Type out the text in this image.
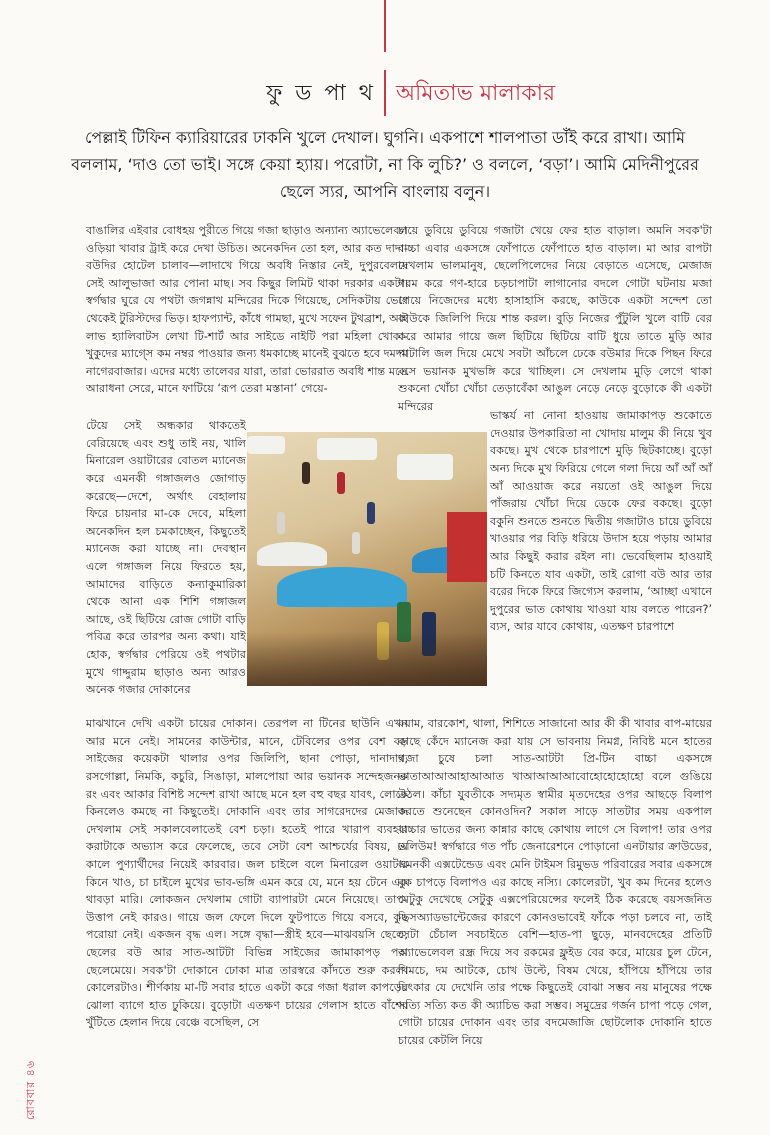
ফু ড পা থ অমিতাভ মালাকার
পেল্লাই টিফিন ক্যারিয়ারের ঢাকনি খুলে দেখাল। ঘুগনি। একপাশে শালপাতা ডাঁই করে রাখা। আমি বললাম, ‘দাও তো ভাই। সঙ্গে কেয়া হ্যায়। পরোটা, না কি লুচি?’ ও বললে, ‘বড়া’। আমি মেদিনীপুরের ছেলে স্যর, আপনি বাংলায় বলুন।

বাঙালির এইবার বোধহয় পুরীতে গিয়ে গজা ছাড়াও অন্যান্য অ্যাভেলেবল ওড়িয়া খাবার ট্রাই করে দেখা উচিত। অনেকদিন তো হল, আর কত দাদা-বউদির হোটেল চালাব—লাদাখে গিয়ে অবধি নিস্তার নেই, দুপুরবেলায় সেই আলুভাজা আর পোনা মাছ। সব কিছুর লিমিট থাকা দরকার একটা। স্বর্গদ্বার ঘুরে যে পথটা জগন্নাথ মন্দিরের দিকে গিয়েছে, সেদিকটায় ভোর থেকেই টুরিস্টদের ভিড়। হাফপ্যান্ট, কাঁধে গামছা, মুখে সফেন টুথব্রাশ, আই লাভ হ্যালিবাটস লেখা টি-শার্ট আর সাইডে নাইটি পরা মহিলা খোকা-খুকুদের ম্যাগ্সে কম নম্বর পাওয়ার জন্য ধমকাচ্ছে মানেই বুঝতে হবে দমদম নাগেরবাজার। এদের মধ্যে তালেবর যারা, তারা ভোররাত অবধি শান্ত মতে আরাধনা সেরে, মানে ফাটিয়ে ‘রূপ তেরা মস্তানা’ গেয়ে-

টেয়ে সেই অন্ধকার থাকতেই বেরিয়েছে এবং শুধু তাই নয়, খালি মিনারেল ওয়াটারের বোতল ম্যানেজ করে এমনকী গঙ্গাজলও জোগাড় করেছে—দেশে, অর্থাৎ বেহালায় ফিরে চায়নার মা-কে দেবে, মহিলা অনেকদিন হল চমকাচ্ছেন, কিছুতেই ম্যানেজ করা যাচ্ছে না। দেবস্থান এলে গঙ্গাজল নিয়ে ফিরতে হয়, আমাদের বাড়িতে কন্যাকুমারিকা থেকে আনা এক শিশি গঙ্গাজল আছে, ওই ছিটিয়ে রোজ গোটা বাড়ি পবিত্র করে তারপর অন্য কথা। যাই হোক, স্বর্গদ্বার পেরিয়ে ওই পথটার মুখে গাদ্দুরাম ছাড়াও অন্য আরও অনেক গজার দোকানের

মাঝখানে দেখি একটা চায়ের দোকান। তেরপল না টিনের ছাউনি এখন আর মনে নেই। সামনের কাউন্টার, মানে, টেবিলের ওপর বেশ বড় সাইজের কয়েকটা থালার ওপর জিলিপি, ছানা পোড়া, দানাদার, রসগোল্লা, নিমকি, কচুরি, সিঙাড়া, মালপোয়া আর ভয়ানক সন্দেহজনক রং এবং আকার বিশিষ্ট সন্দেশ রাখা আছে মনে হল বহু বছর যাবৎ, লোকে কিনলেও কমছে না কিছুতেই। দোকানি এবং তার সাগরেদদের মেজাজ দেখলাম সেই সকালবেলাতেই বেশ চড়া। হতেই পারে খারাপ ব্যবহার করাটাকে অভ্যাস করে ফেলেছে, তবে সেটা বেশ আশ্চর্যের বিষয়, যে কালে পুণ্যার্থীদের নিয়েই কারবার। জল চাইলে বলে মিনারেল ওয়াটার কিনে খাও, চা চাইলে মুখের ভাব-ভঙ্গি এমন করে যে, মনে হয় টেনে এক থাবড়া মারি। লোকজন দেখলাম গোটা ব্যাপারটা মেনে নিয়েছে। তাপ-উত্তাপ নেই কারও। গায়ে জল ফেলে দিলে ফুটপাতে গিয়ে বসবে, কুছ পরোয়া নেই। একজন বৃদ্ধ এল। সঙ্গে বৃদ্ধা—স্ত্রীই হবে—মাঝবয়সি ছেলে, ছেলের বউ আর সাত-আটটা বিভিন্ন সাইজের জামাকাপড় পরা ছেলেমেয়ে। সবক'টা দোকানে ঢোকা মাত্র তারস্বরে কাঁদতে শুরু করল। কোলেরটাও। শীর্ণকায় মা-টি সবার হাতে একটা করে গজা ধরাল কাপড়ের ঝোলা ব্যাগে হাত ঢুকিয়ে। বুড়োটা এতক্ষণ চায়ের গেলাস হাতে বাঁশের খুঁটিতে হেলান দিয়ে বেঞ্চে বসেছিল, সে

চায়ে ডুবিয়ে ডুবিয়ে গজাটা খেয়ে ফের হাত বাড়াল। অমনি সবক'টা বাচ্চা এবার একসঙ্গে ফোঁপাতে ফোঁপাতে হাত বাড়াল। মা আর বাপটা দেখলাম ভালমানুষ, ছেলেপিলেদের নিয়ে বেড়াতে এসেছে, মেজাজ গরম করে গণ-হারে চড়চাপাটা লাগানোর বদলে গোটা ঘটনায় মজা পেয়ে নিজেদের মধ্যে হাসাহাসি করছে, কাউকে একটা সন্দেশ তো কাউকে জিলিপি দিয়ে শান্ত করল। বুড়ি নিজের পুঁটুলি খুলে বাটি বের করে আমার গায়ে জল ছিটিয়ে ছিটিয়ে বাটি ধুয়ে তাতে মুড়ি আর পাটালি জল দিয়ে মেখে সবটা আঁচলে ঢেকে বউমার দিকে পিছন ফিরে বসে ভয়ানক মুখভঙ্গি করে খাচ্ছিল। সে দেখলাম মুড়ি লেগে থাকা শুকনো খোঁচা খোঁচা তেড়াবেঁকা আঙুল নেড়ে নেড়ে বুড়োকে কী একটা মন্দিরের

ভাস্কর্য না নোনা হাওয়ায় জামাকাপড় শুকোতে দেওয়ার উপকারিতা না খোদায় মালুম কী নিয়ে খুব বকছে। মুখ থেকে চারপাশে মুড়ি ছিটকাচ্ছে। বুড়ো অন্য দিকে মুখ ফিরিয়ে গেলে গলা দিয়ে আঁ আঁ আঁ আঁ আওয়াজ করে নয়তো ওই আঙুল দিয়ে পাঁজরায় খোঁচা দিয়ে ডেকে ফের বকছে। বুড়ো বকুনি শুনতে শুনতে দ্বিতীয় গজাটাও চায়ে ডুবিয়ে খাওয়ার পর বিড়ি ধরিয়ে উদাস হয়ে পড়ায় আমার আর কিছুই করার রইল না। ভেবেছিলাম হাওয়াই চটি কিনতে যাব একটা, তাই রোগা বউ আর তার বরের দিকে ফিরে জিগ্যেস করলাম, ‘আচ্ছা এখানে দুপুরের ভাত কোথায় খাওয়া যায় বলতে পারেন?’ ব্যস, আর যাবে কোথায়, এতক্ষণ চারপাশে

বয়াম, বারকোশ, থালা, শিশিতে সাজানো আর কী কী খাবার বাপ-মায়ের কাছে কেঁদে ম্যানেজ করা যায় সে ভাবনায় নিমগ্ন, নিবিষ্ট মনে হাতের গজা চুষে চলা সাত-আটটা প্রি-টিন বাচ্চা একসঙ্গে ভাতাআআআহাআআত খাআআআআবোহোহোহোহো বলে গুঙিয়ে উঠল। কাঁচা যুবতীকে সদ্যমৃত স্বামীর মৃতদেহের ওপর আছড়ে বিলাপ করতে শুনেছেন কোনওদিন? সকাল সাড়ে সাতটার সময় একপাল বাচ্চার ভাতের জন্য কান্নার কাছে কোথায় লাগে সে বিলাপ! তার ওপর ভলিউম! স্বর্গদ্বারে গত পাঁচ জেনারেশনে পোড়ানো এনটায়ার ক্রাউডের, এমনকী এক্সটেন্ডেড এবং মেনি টাইমস রিমুভড পরিবারের সবার একসঙ্গে বুক চাপড়ে বিলাপও এর কাছে নস্যি। কোলেরটা, খুব কম দিনের হলেও যেটুকু দেখেছে সেটুকু এক্সপেরিয়েন্সের ফলেই ঠিক করেছে বয়সজনিত ডিসঅ্যাডভান্টেজের কারণে কোনওভাবেই ফাঁকে পড়া চলবে না, তাই সেটা চেঁচাল সবচাইতে বেশি—হাত-পা ছুড়ে, মানবদেহের প্রতিটি অ্যাভেলেবল রন্ধ্র দিয়ে সব রকমের ফ্লুইড বের করে, মায়ের চুল টেনে, খিমচে, দম আটকে, চোখ উল্টে, বিষম খেয়ে, হাঁপিয়ে হাঁপিয়ে তার চিৎকার যে দেখেনি তার পক্ষে কিছুতেই বোঝা সম্ভব নয় মানুষের পক্ষে সত্যি সত্যি কত কী অ্যাচিভ করা সম্ভব। সমুদ্রের গর্জন চাপা পড়ে গেল, গোটা চায়ের দোকান এবং তার বদমেজাজি ছোটলোক দোকানি হাতে চায়ের কেটলি নিয়ে

রোববার ৪৬
